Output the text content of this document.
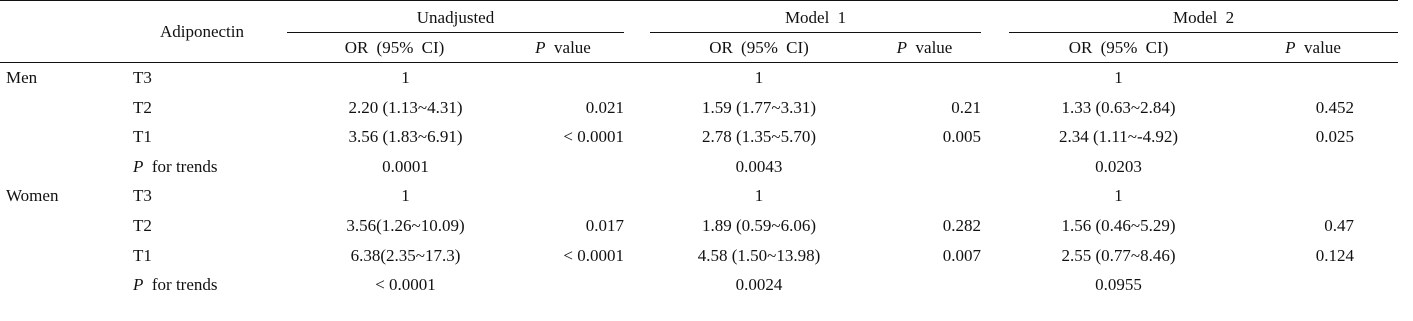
	Adiponectin	Unadjusted			Model 1			Model 2	
		OR (95% CI)	P value		OR (95% CI)	P value		OR (95% CI)	P value
Men	T3	1			1			1	
	T2	2.20 (1.13~4.31)	0.021		1.59 (1.77~3.31)	0.21		1.33 (0.63~2.84)	0.452
	T1	3.56 (1.83~6.91)	< 0.0001		2.78 (1.35~5.70)	0.005		2.34 (1.11~-4.92)	0.025
	P for trends	0.0001			0.0043			0.0203	
Women	T3	1			1			1	
	T2	3.56(1.26~10.09)	0.017		1.89 (0.59~6.06)	0.282		1.56 (0.46~5.29)	0.47
	T1	6.38(2.35~17.3)	< 0.0001		4.58 (1.50~13.98)	0.007		2.55 (0.77~8.46)	0.124
	P for trends	< 0.0001			0.0024			0.0955	
